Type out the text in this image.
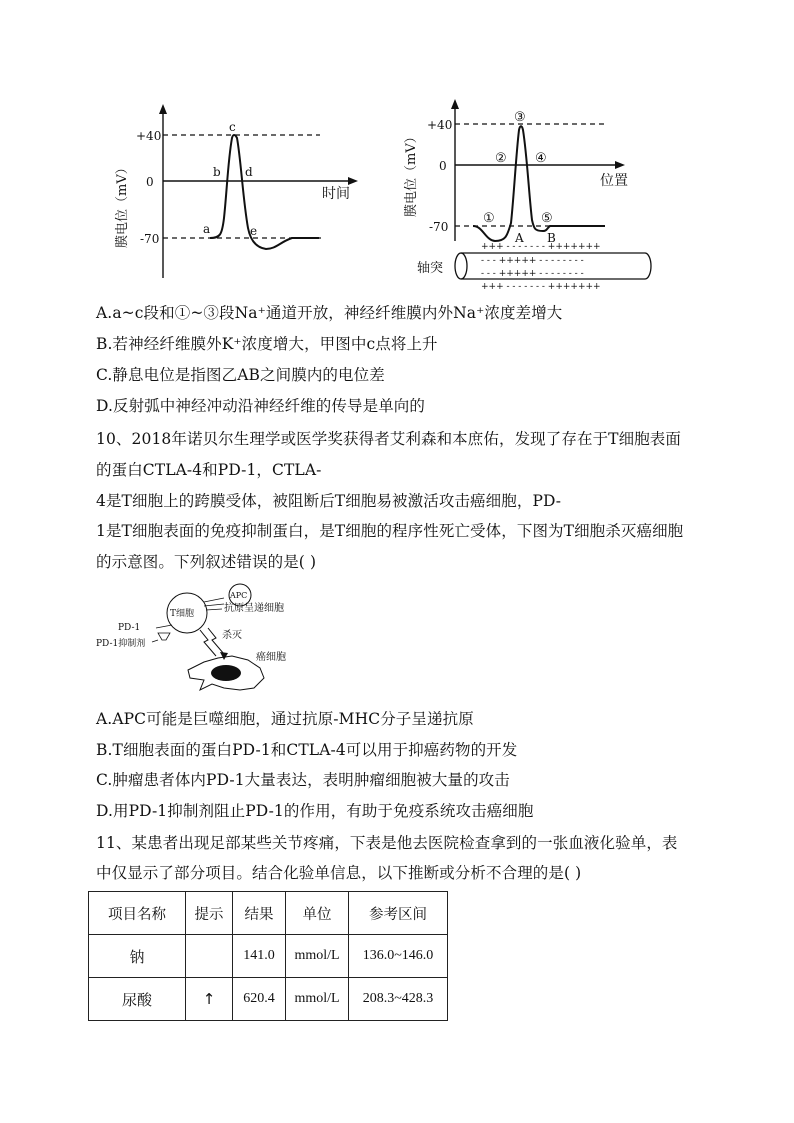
+40
0
-70
a
b
c
d
e
时间
膜电位（mV）
+40
0
-70
①
②
③
④
⑤
A B
位置
膜电位（mV）
+++ - - - - - - - +++++++
- - - +++++ - - - - - - - -
- - - +++++ - - - - - - - -
+++ - - - - - - - +++++++
轴突
A.a~c段和①~③段Na⁺通道开放，神经纤维膜内外Na⁺浓度差增大
B.若神经纤维膜外K⁺浓度增大，甲图中c点将上升
C.静息电位是指图乙AB之间膜内的电位差
D.反射弧中神经冲动沿神经纤维的传导是单向的
10、2018年诺贝尔生理学或医学奖获得者艾利森和本庶佑，发现了存在于T细胞表面
的蛋白CTLA-4和PD-1，CTLA-
4是T细胞上的跨膜受体，被阻断后T细胞易被激活攻击癌细胞，PD-
1是T细胞表面的免疫抑制蛋白，是T细胞的程序性死亡受体，下图为T细胞杀灭癌细胞
的示意图。下列叙述错误的是( )
APC
抗原呈递细胞
T细胞
PD-1
PD-1抑制剂
杀灭
癌细胞
A.APC可能是巨噬细胞，通过抗原-MHC分子呈递抗原
B.T细胞表面的蛋白PD-1和CTLA-4可以用于抑癌药物的开发
C.肿瘤患者体内PD-1大量表达，表明肿瘤细胞被大量的攻击
D.用PD-1抑制剂阻止PD-1的作用，有助于免疫系统攻击癌细胞
11、某患者出现足部某些关节疼痛，下表是他去医院检查拿到的一张血液化验单，表
中仅显示了部分项目。结合化验单信息，以下推断或分析不合理的是( )
项目名称	提示	结果	单位	参考区间
钠		141.0	mmol/L	136.0~146.0
尿酸	↑	620.4	mmol/L	208.3~428.3
